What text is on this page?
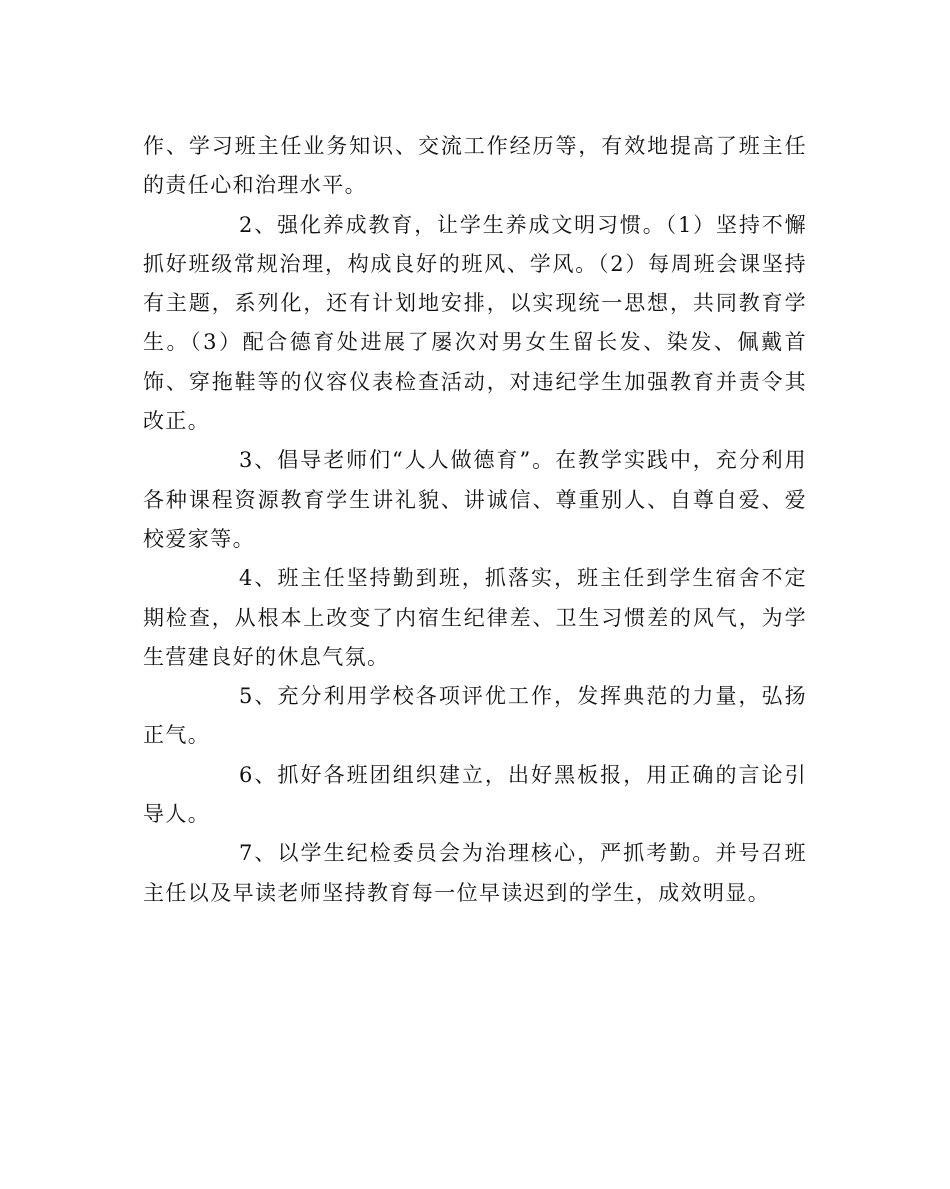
作、学习班主任业务知识、交流工作经历等，有效地提高了班主任的责任心和治理水平。

2、强化养成教育，让学生养成文明习惯。（1）坚持不懈抓好班级常规治理，构成良好的班风、学风。（2）每周班会课坚持有主题，系列化，还有计划地安排，以实现统一思想，共同教育学生。（3）配合德育处进展了屡次对男女生留长发、染发、佩戴首饰、穿拖鞋等的仪容仪表检查活动，对违纪学生加强教育并责令其改正。

3、倡导老师们“人人做德育”。在教学实践中，充分利用各种课程资源教育学生讲礼貌、讲诚信、尊重别人、自尊自爱、爱校爱家等。

4、班主任坚持勤到班，抓落实，班主任到学生宿舍不定期检查，从根本上改变了内宿生纪律差、卫生习惯差的风气，为学生营建良好的休息气氛。

5、充分利用学校各项评优工作，发挥典范的力量，弘扬正气。

6、抓好各班团组织建立，出好黑板报，用正确的言论引导人。

7、以学生纪检委员会为治理核心，严抓考勤。并号召班主任以及早读老师坚持教育每一位早读迟到的学生，成效明显。
